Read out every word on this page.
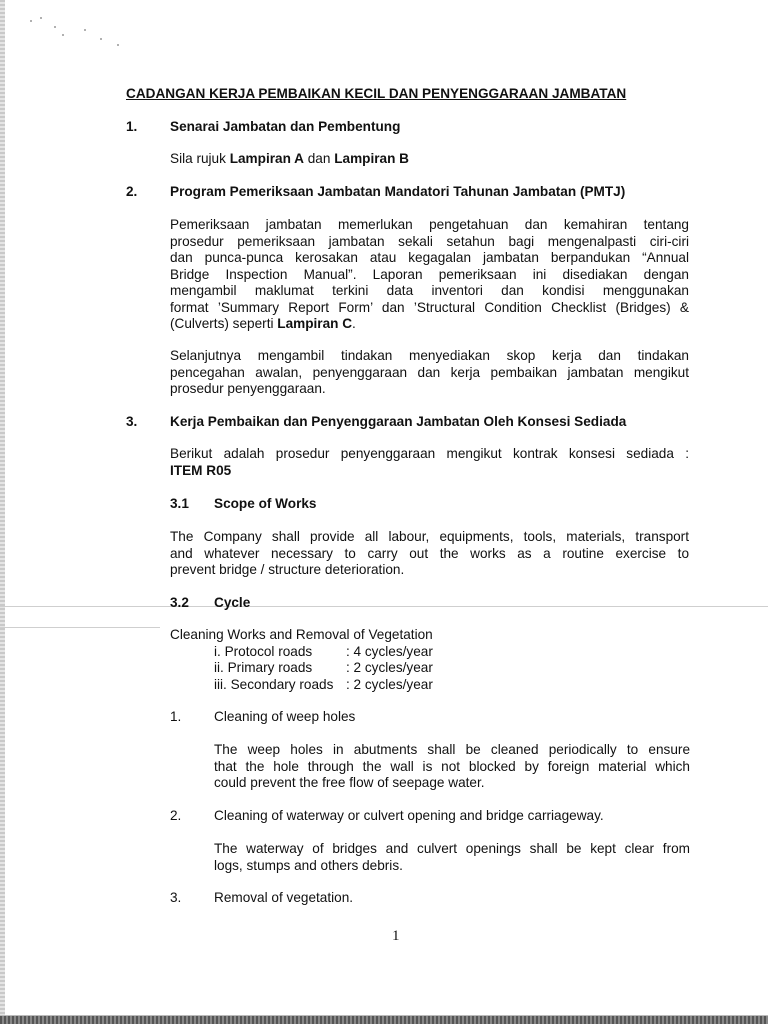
CADANGAN KERJA PEMBAIKAN KECIL DAN PENYENGGARAAN JAMBATAN
1. Senarai Jambatan dan Pembentung
Sila rujuk Lampiran A dan Lampiran B
2. Program Pemeriksaan Jambatan Mandatori Tahunan Jambatan (PMTJ)
Pemeriksaan jambatan memerlukan pengetahuan dan kemahiran tentang
prosedur pemeriksaan jambatan sekali setahun bagi mengenalpasti ciri-ciri
dan punca-punca kerosakan atau kegagalan jambatan berpandukan “Annual
Bridge Inspection Manual”. Laporan pemeriksaan ini disediakan dengan
mengambil maklumat terkini data inventori dan kondisi menggunakan
format ’Summary Report Form’ dan ’Structural Condition Checklist (Bridges) &
(Culverts) seperti Lampiran C.
Selanjutnya mengambil tindakan menyediakan skop kerja dan tindakan
pencegahan awalan, penyenggaraan dan kerja pembaikan jambatan mengikut
prosedur penyenggaraan.
3. Kerja Pembaikan dan Penyenggaraan Jambatan Oleh Konsesi Sediada
Berikut adalah prosedur penyenggaraan mengikut kontrak konsesi sediada :
ITEM R05
3.1 Scope of Works
The Company shall provide all labour, equipments, tools, materials, transport
and whatever necessary to carry out the works as a routine exercise to
prevent bridge / structure deterioration.
3.2 Cycle
Cleaning Works and Removal of Vegetation
i. Protocol roads : 4 cycles/year
ii. Primary roads : 2 cycles/year
iii. Secondary roads : 2 cycles/year
1. Cleaning of weep holes
The weep holes in abutments shall be cleaned periodically to ensure
that the hole through the wall is not blocked by foreign material which
could prevent the free flow of seepage water.
2. Cleaning of waterway or culvert opening and bridge carriageway.
The waterway of bridges and culvert openings shall be kept clear from
logs, stumps and others debris.
3. Removal of vegetation.
1
